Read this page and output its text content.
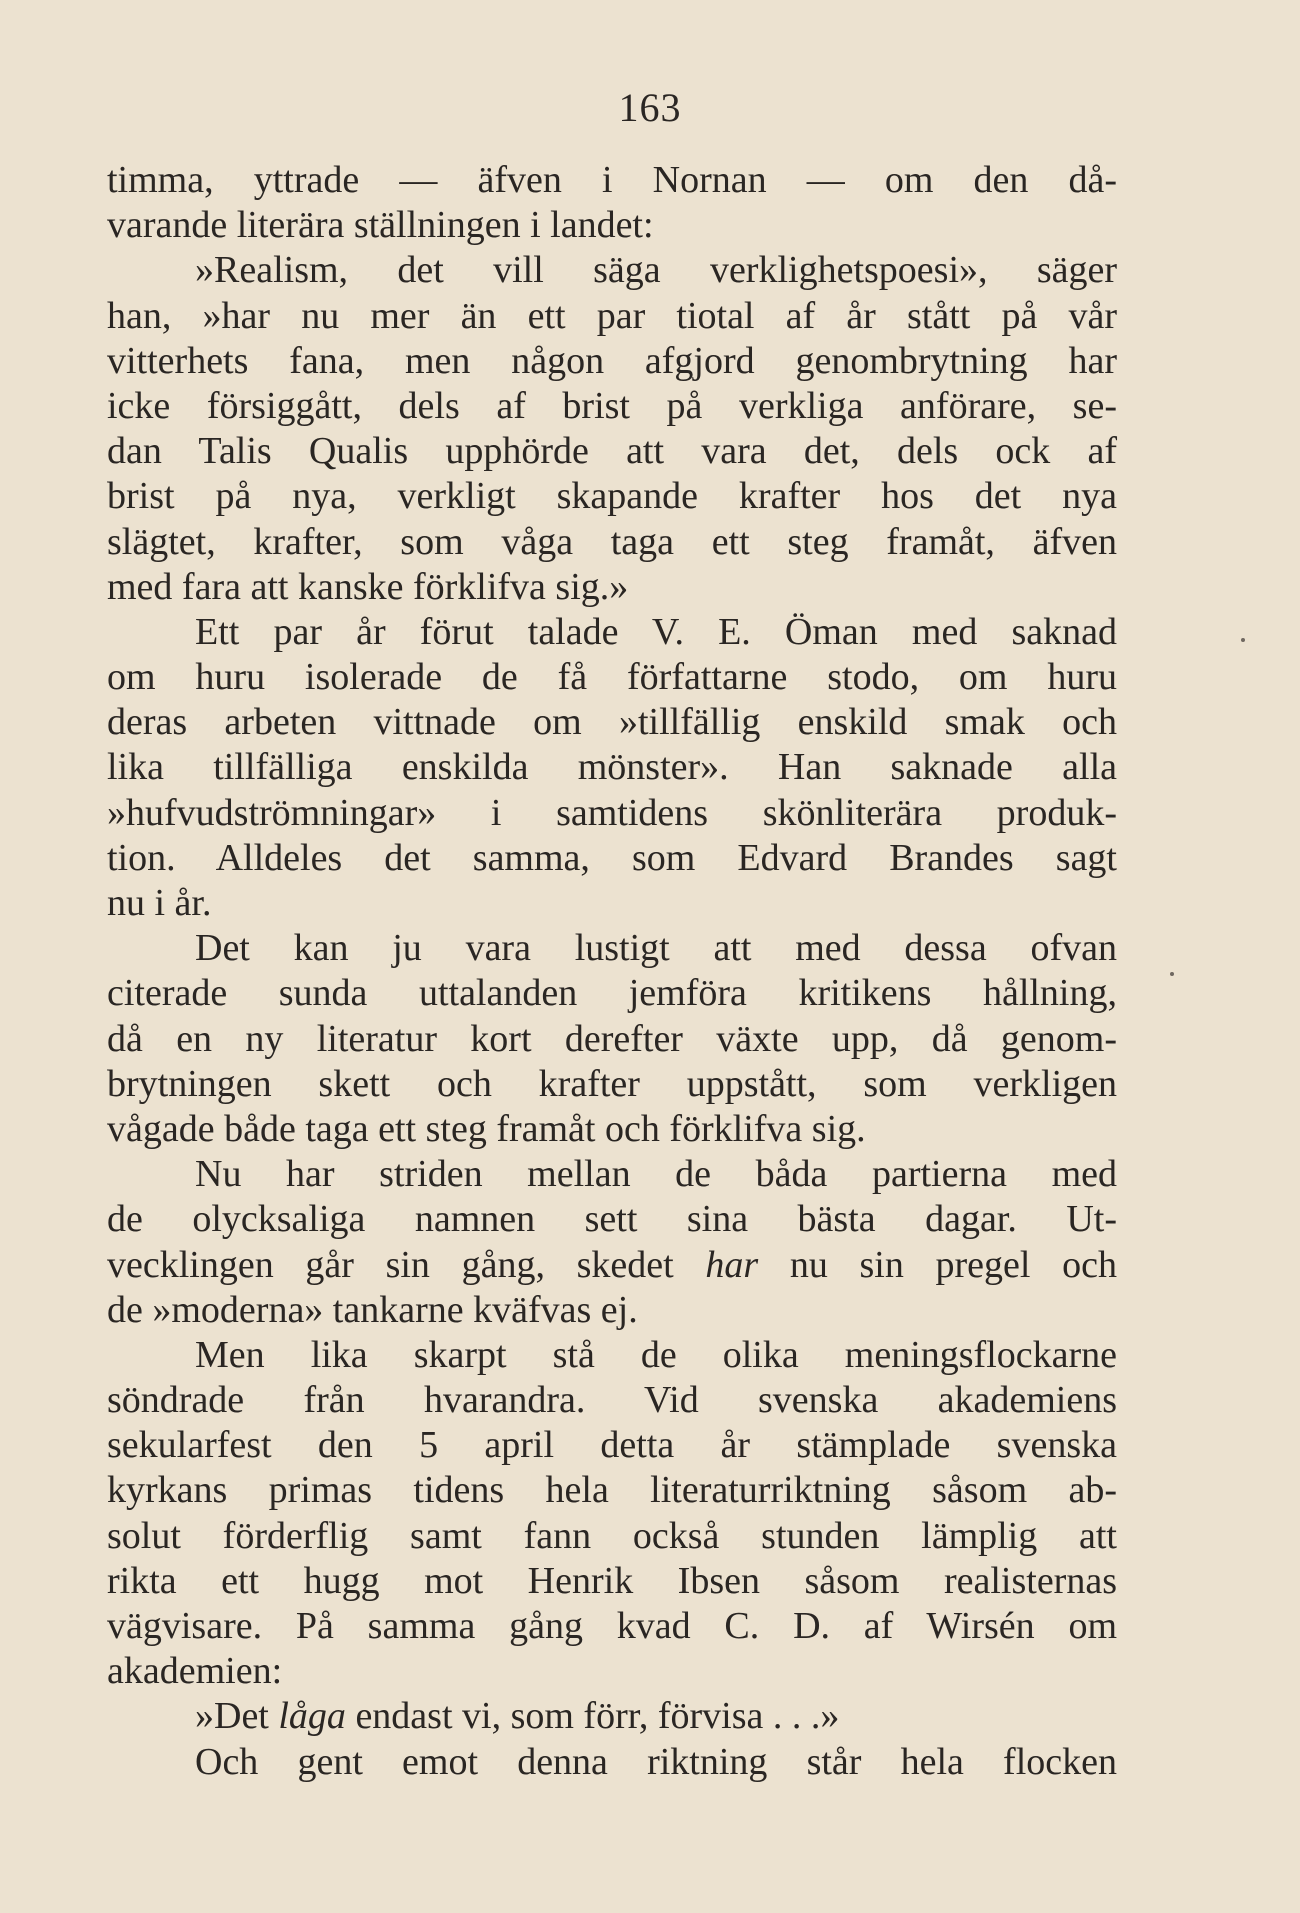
163
timma, yttrade — äfven i Nornan — om den då-
varande literära ställningen i landet:
»Realism, det vill säga verklighetspoesi», säger
han, »har nu mer än ett par tiotal af år stått på vår
vitterhets fana, men någon afgjord genombrytning har
icke försiggått, dels af brist på verkliga anförare, se-
dan Talis Qualis upphörde att vara det, dels ock af
brist på nya, verkligt skapande krafter hos det nya
slägtet, krafter, som våga taga ett steg framåt, äfven
med fara att kanske förklifva sig.»
Ett par år förut talade V. E. Öman med saknad
om huru isolerade de få författarne stodo, om huru
deras arbeten vittnade om »tillfällig enskild smak och
lika tillfälliga enskilda mönster». Han saknade alla
»hufvudströmningar» i samtidens skönliterära produk-
tion. Alldeles det samma, som Edvard Brandes sagt
nu i år.
Det kan ju vara lustigt att med dessa ofvan
citerade sunda uttalanden jemföra kritikens hållning,
då en ny literatur kort derefter växte upp, då genom-
brytningen skett och krafter uppstått, som verkligen
vågade både taga ett steg framåt och förklifva sig.
Nu har striden mellan de båda partierna med
de olycksaliga namnen sett sina bästa dagar. Ut-
vecklingen går sin gång, skedet har nu sin pregel och
de »moderna» tankarne kväfvas ej.
Men lika skarpt stå de olika meningsflockarne
söndrade från hvarandra. Vid svenska akademiens
sekularfest den 5 april detta år stämplade svenska
kyrkans primas tidens hela literaturriktning såsom ab-
solut förderflig samt fann också stunden lämplig att
rikta ett hugg mot Henrik Ibsen såsom realisternas
vägvisare. På samma gång kvad C. D. af Wirsén om
akademien:
»Det låga endast vi, som förr, förvisa . . .»
Och gent emot denna riktning står hela flocken
